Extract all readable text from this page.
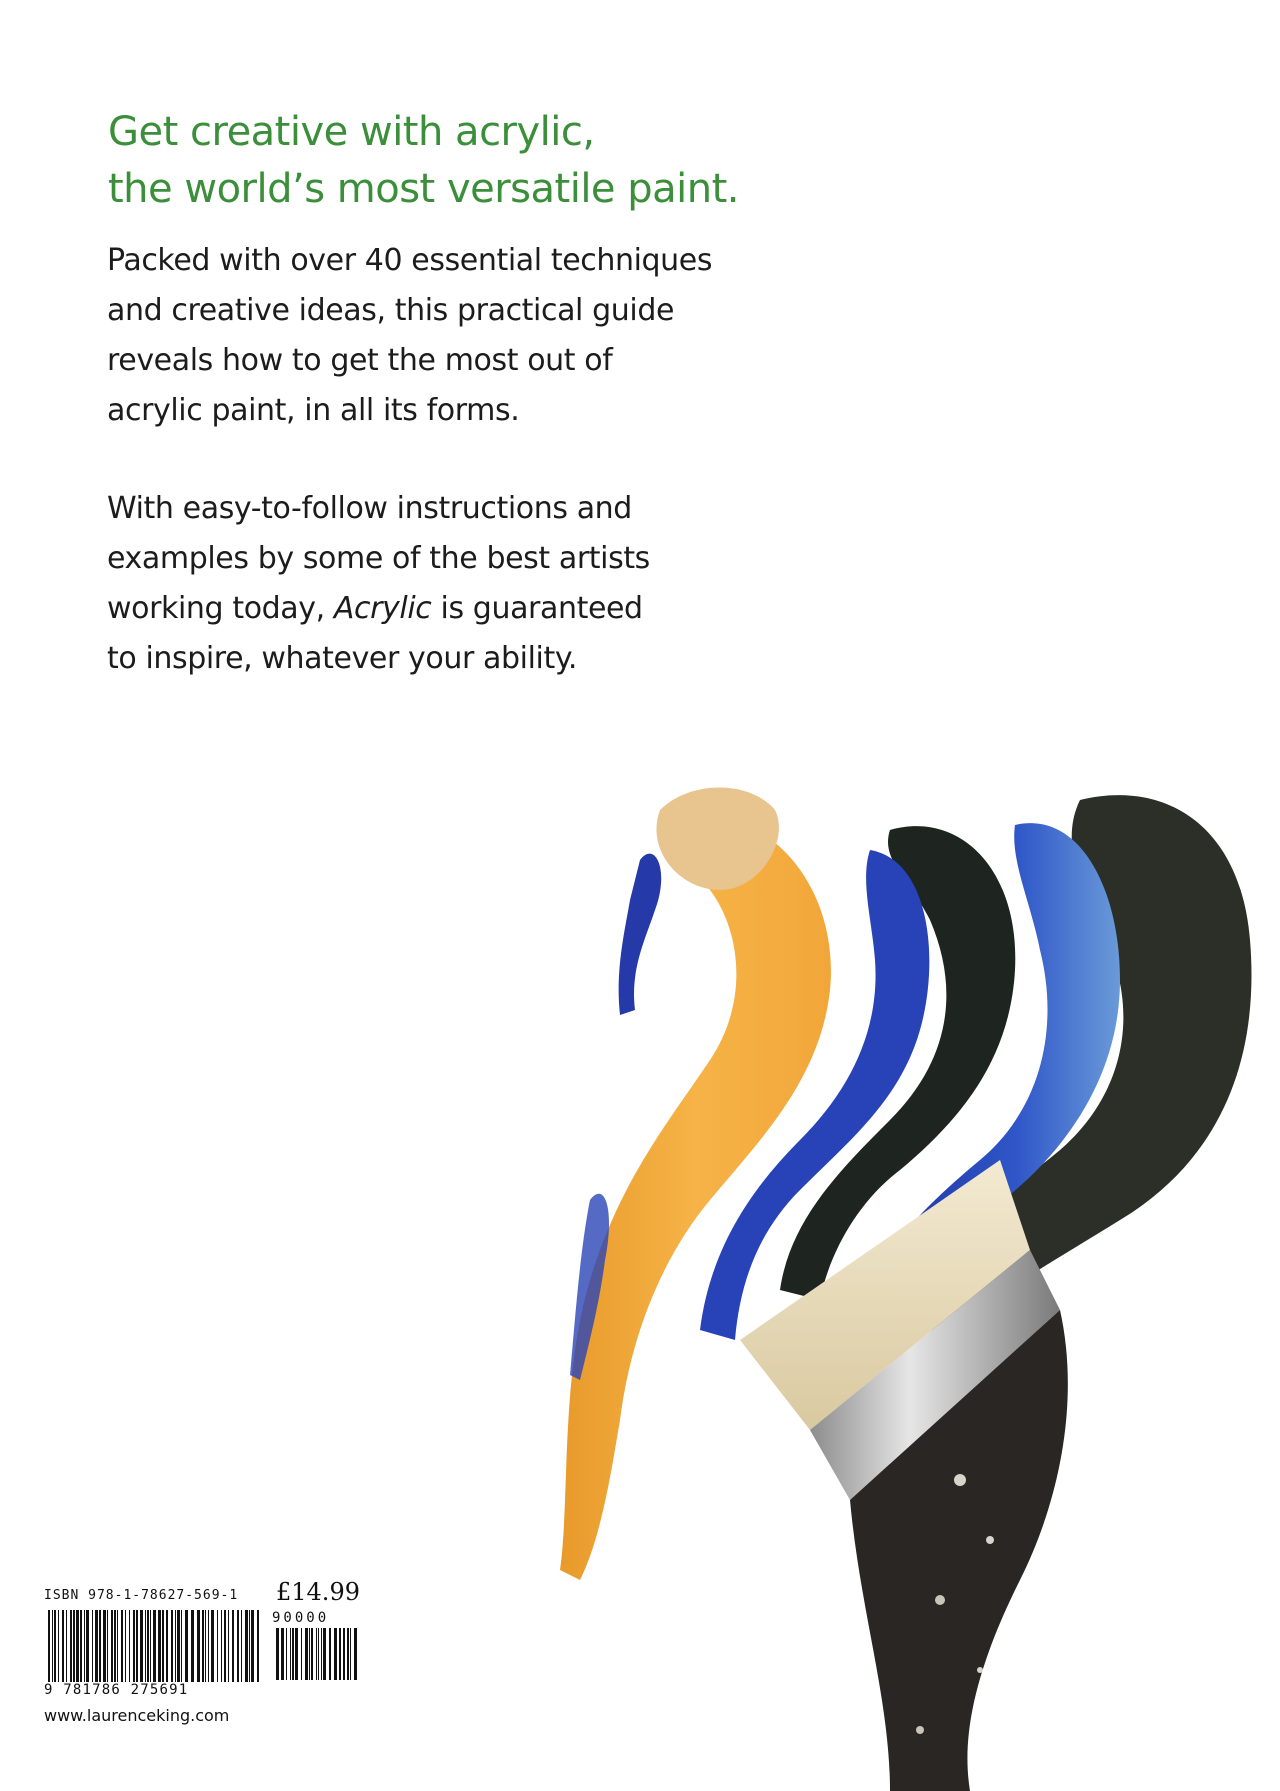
Get creative with acrylic,
the world’s most versatile paint.
Packed with over 40 essential techniques
and creative ideas, this practical guide
reveals how to get the most out of
acrylic paint, in all its forms.
With easy-to-follow instructions and
examples by some of the best artists
working today, Acrylic is guaranteed
to inspire, whatever your ability.
ISBN 978-1-78627-569-1 £14.99
90000
9 781786 275691
www.laurenceking.com
